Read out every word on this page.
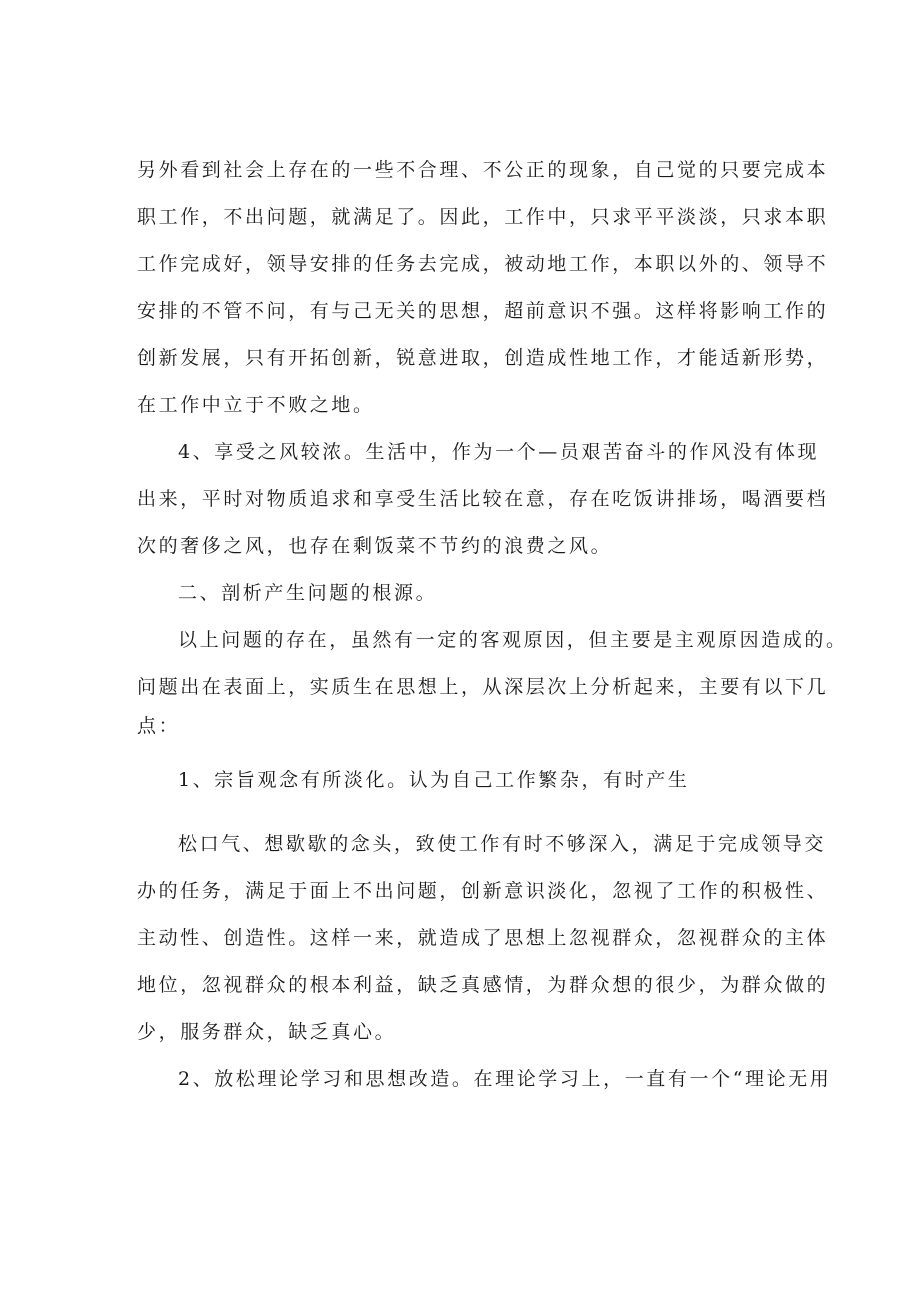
另外看到社会上存在的一些不合理、不公正的现象，自己觉的只要完成本
职工作，不出问题，就满足了。因此，工作中，只求平平淡淡，只求本职
工作完成好，领导安排的任务去完成，被动地工作，本职以外的、领导不
安排的不管不问，有与己无关的思想，超前意识不强。这样将影响工作的
创新发展，只有开拓创新，锐意进取，创造成性地工作，才能适新形势，
在工作中立于不败之地。
4、享受之风较浓。生活中，作为一个—员艰苦奋斗的作风没有体现
出来，平时对物质追求和享受生活比较在意，存在吃饭讲排场，喝酒要档
次的奢侈之风，也存在剩饭菜不节约的浪费之风。
二、剖析产生问题的根源。
以上问题的存在，虽然有一定的客观原因，但主要是主观原因造成的。
问题出在表面上，实质生在思想上，从深层次上分析起来，主要有以下几
点：
1、宗旨观念有所淡化。认为自己工作繁杂，有时产生
松口气、想歇歇的念头，致使工作有时不够深入，满足于完成领导交
办的任务，满足于面上不出问题，创新意识淡化，忽视了工作的积极性、
主动性、创造性。这样一来，就造成了思想上忽视群众，忽视群众的主体
地位，忽视群众的根本利益，缺乏真感情，为群众想的很少，为群众做的
少，服务群众，缺乏真心。
2、放松理论学习和思想改造。在理论学习上，一直有一个“理论无用
